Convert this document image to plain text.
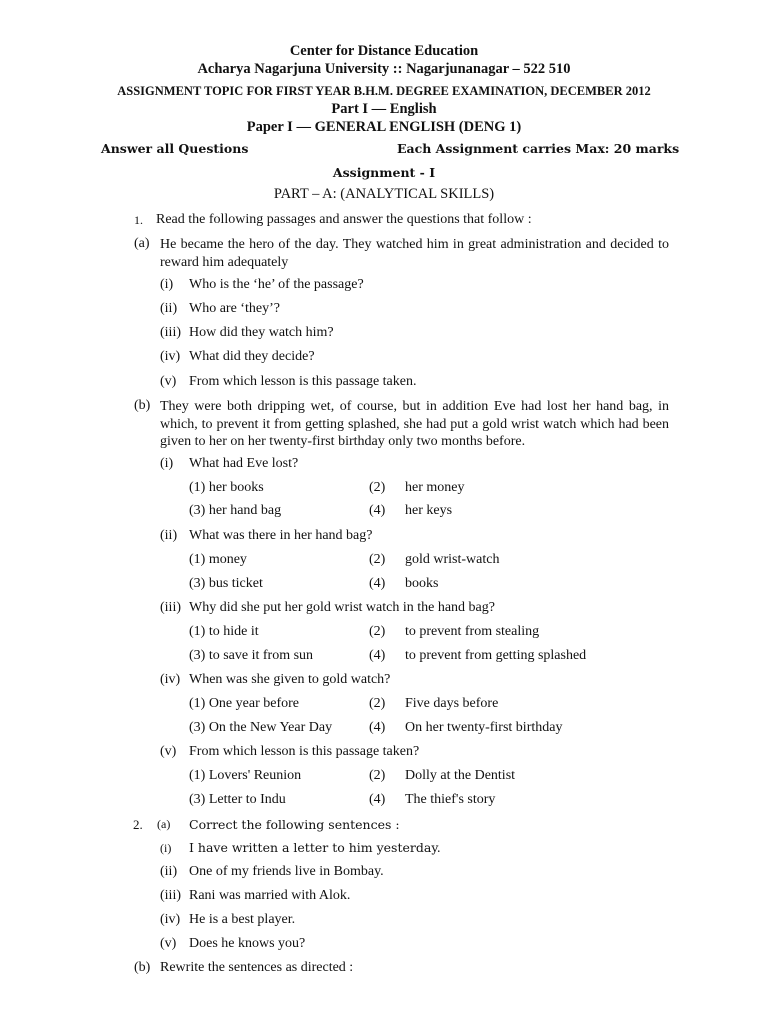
Center for Distance Education
Acharya Nagarjuna University :: Nagarjunanagar – 522 510
ASSIGNMENT TOPIC FOR FIRST YEAR B.H.M. DEGREE EXAMINATION, DECEMBER 2012
Part I — English
Paper I — GENERAL ENGLISH (DENG 1)
Answer all Questions	Each Assignment carries Max: 20 marks
Assignment - I
PART – A: (ANALYTICAL SKILLS)
1. Read the following passages and answer the questions that follow :
(a) He became the hero of the day. They watched him in great administration and decided to reward him adequately
(i) Who is the ‘he’ of the passage?
(ii) Who are ‘they’?
(iii) How did they watch him?
(iv) What did they decide?
(v) From which lesson is this passage taken.
(b) They were both dripping wet, of course, but in addition Eve had lost her hand bag, in which, to prevent it from getting splashed, she had put a gold wrist watch which had been given to her on her twenty-first birthday only two months before.
(i) What had Eve lost?
(1) her books	(2) her money
(3) her hand bag	(4) her keys
(ii) What was there in her hand bag?
(1) money	(2) gold wrist-watch
(3) bus ticket	(4) books
(iii) Why did she put her gold wrist watch in the hand bag?
(1) to hide it	(2) to prevent from stealing
(3) to save it from sun	(4) to prevent from getting splashed
(iv) When was she given to gold watch?
(1) One year before	(2) Five days before
(3) On the New Year Day	(4) On her twenty-first birthday
(v) From which lesson is this passage taken?
(1) Lovers' Reunion	(2) Dolly at the Dentist
(3) Letter to Indu	(4) The thief's story
2. (a) Correct the following sentences :
(i) I have written a letter to him yesterday.
(ii) One of my friends live in Bombay.
(iii) Rani was married with Alok.
(iv) He is a best player.
(v) Does he knows you?
(b) Rewrite the sentences as directed :
